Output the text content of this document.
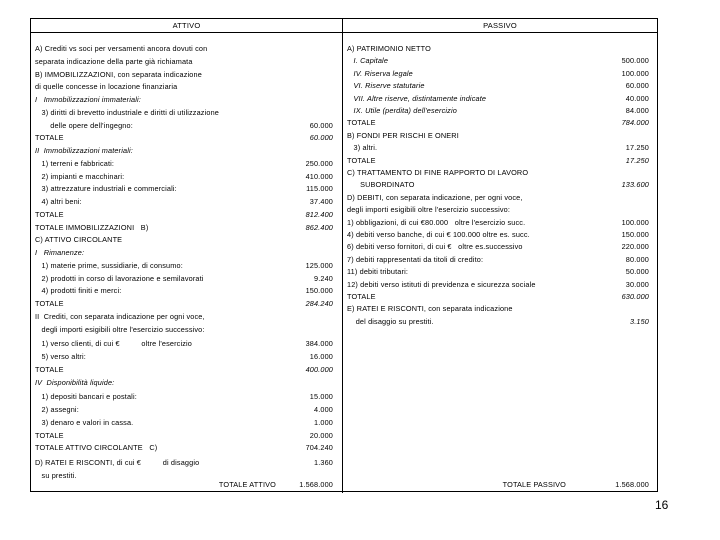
ATTIVO	PASSIVO
A) Crediti vs soci per versamenti ancora dovuti con
separata indicazione della parte già richiamata
B) IMMOBILIZZAZIONI, con separata indicazione
di quelle concesse in locazione finanziaria
I   Immobilizzazioni immateriali:
3) diritti di brevetto industriale e diritti di utilizzazione
delle opere dell'ingegno:	60.000
TOTALE	60.000
II  Immobilizzazioni materiali:
1) terreni e fabbricati:	250.000
2) impianti e macchinari:	410.000
3) attrezzature industriali e commerciali:	115.000
4) altri beni:	37.400
TOTALE	812.400
TOTALE IMMOBILIZZAZIONI   B)	862.400
C) ATTIVO CIRCOLANTE
I   Rimanenze:
1) materie prime, sussidiarie, di consumo:	125.000
2) prodotti in corso di lavorazione e semilavorati	9.240
4) prodotti finiti e merci:	150.000
TOTALE	284.240
II  Crediti, con separata indicazione per ogni voce,
degli importi esigibili oltre l'esercizio successivo:
1) verso clienti, di cui €          oltre l'esercizio	384.000
5) verso altri:	16.000
TOTALE	400.000
IV  Disponibilità liquide:
1) depositi bancari e postali:	15.000
2) assegni:	4.000
3) denaro e valori in cassa.	1.000
TOTALE	20.000
TOTALE ATTIVO CIRCOLANTE   C)	704.240
D) RATEI E RISCONTI, di cui €          di disaggio	1.360
su prestiti.
A) PATRIMONIO NETTO
I. Capitale	500.000
IV. Riserva legale	100.000
VI. Riserve statutarie	60.000
VII. Altre riserve, distintamente indicate	40.000
IX. Utile (perdita) dell'esercizio	84.000
TOTALE	784.000
B) FONDI PER RISCHI E ONERI
3) altri.	17.250
TOTALE	17.250
C) TRATTAMENTO DI FINE RAPPORTO DI LAVORO
SUBORDINATO	133.600
D) DEBITI, con separata indicazione, per ogni voce,
degli importi esigibili oltre l'esercizio successivo:
1) obbligazioni, di cui €80.000   oltre l'esercizio succ.	100.000
4) debiti verso banche, di cui € 100.000 oltre es. succ.	150.000
6) debiti verso fornitori, di cui €   oltre es.successivo	220.000
7) debiti rappresentati da titoli di credito:	80.000
11) debiti tributari:	50.000
12) debiti verso istituti di previdenza e sicurezza sociale	30.000
TOTALE	630.000
E) RATEI E RISCONTI, con separata indicazione
del disaggio su prestiti.	3.150
TOTALE ATTIVO	1.568.000	TOTALE PASSIVO	1.568.000
16
